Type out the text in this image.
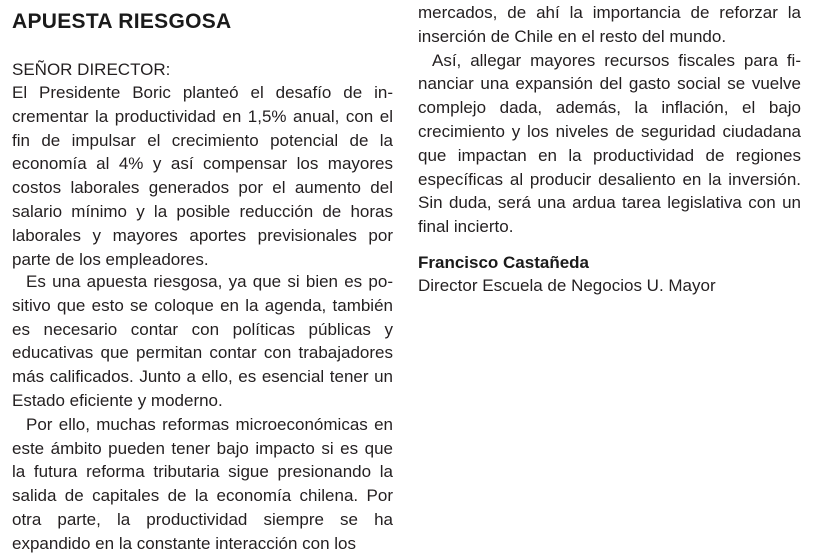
APUESTA RIESGOSA

SEÑOR DIRECTOR:

El Presidente Boric planteó el desafío de incrementar la productividad en 1,5% anual, con el fin de impulsar el crecimiento potencial de la economía al 4% y así compensar los mayores costos laborales generados por el aumento del salario mínimo y la posible reducción de horas laborales y mayores aportes previsionales por parte de los empleadores.

Es una apuesta riesgosa, ya que si bien es positivo que esto se coloque en la agenda, también es necesario contar con políticas públicas y educativas que permitan contar con trabajadores más calificados. Junto a ello, es esencial tener un Estado eficiente y moderno.

Por ello, muchas reformas microeconómicas en este ámbito pueden tener bajo impacto si es que la futura reforma tributaria sigue presionando la salida de capitales de la economía chilena. Por otra parte, la productividad siempre se ha expandido en la constante interacción con los

mercados, de ahí la importancia de reforzar la inserción de Chile en el resto del mundo.

Así, allegar mayores recursos fiscales para financiar una expansión del gasto social se vuelve complejo dada, además, la inflación, el bajo crecimiento y los niveles de seguridad ciudadana que impactan en la productividad de regiones específicas al producir desaliento en la inversión. Sin duda, será una ardua tarea legislativa con un final incierto.

Francisco Castañeda

Director Escuela de Negocios U. Mayor
